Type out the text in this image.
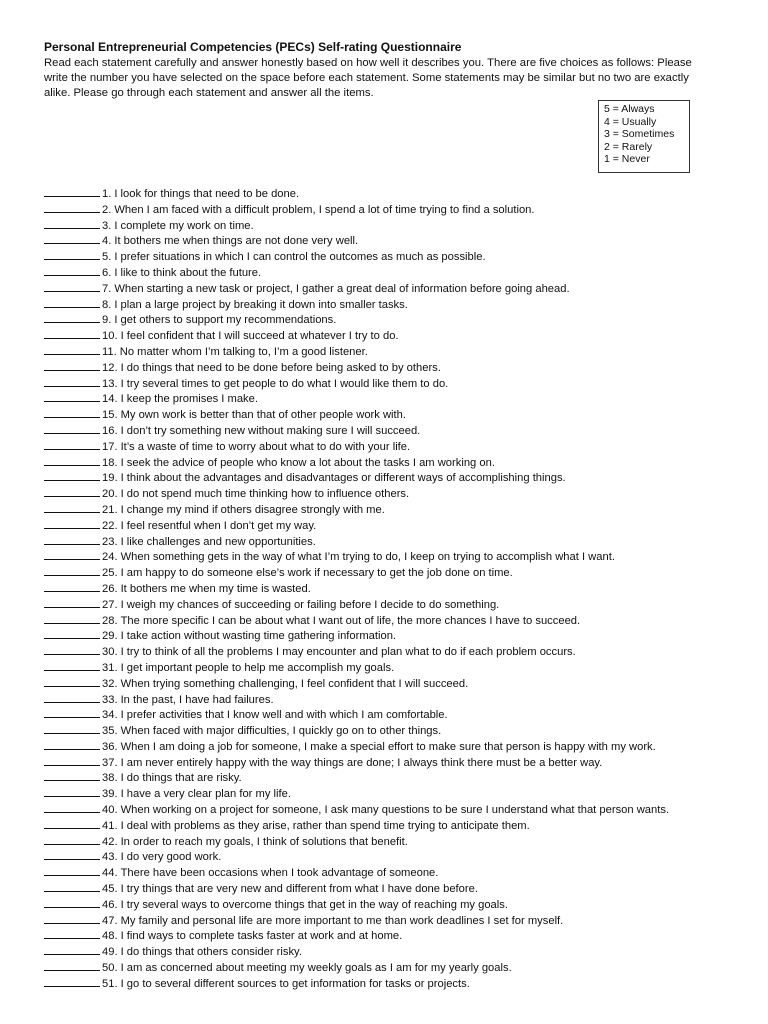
Personal Entrepreneurial Competencies (PECs) Self-rating Questionnaire

Read each statement carefully and answer honestly based on how well it describes you. There are five choices as follows: Please write the number you have selected on the space before each statement. Some statements may be similar but no two are exactly alike. Please go through each statement and answer all the items.

5 = Always
4 = Usually
3 = Sometimes
2 = Rarely
1 = Never
1. I look for things that need to be done.
2. When I am faced with a difficult problem, I spend a lot of time trying to find a solution.
3. I complete my work on time.
4. It bothers me when things are not done very well.
5. I prefer situations in which I can control the outcomes as much as possible.
6. I like to think about the future.
7. When starting a new task or project, I gather a great deal of information before going ahead.
8. I plan a large project by breaking it down into smaller tasks.
9. I get others to support my recommendations.
10. I feel confident that I will succeed at whatever I try to do.
11. No matter whom I’m talking to, I’m a good listener.
12. I do things that need to be done before being asked to by others.
13. I try several times to get people to do what I would like them to do.
14. I keep the promises I make.
15. My own work is better than that of other people work with.
16. I don’t try something new without making sure I will succeed.
17. It’s a waste of time to worry about what to do with your life.
18. I seek the advice of people who know a lot about the tasks I am working on.
19. I think about the advantages and disadvantages or different ways of accomplishing things.
20. I do not spend much time thinking how to influence others.
21. I change my mind if others disagree strongly with me.
22. I feel resentful when I don’t get my way.
23. I like challenges and new opportunities.
24. When something gets in the way of what I’m trying to do, I keep on trying to accomplish what I want.
25. I am happy to do someone else’s work if necessary to get the job done on time.
26. It bothers me when my time is wasted.
27. I weigh my chances of succeeding or failing before I decide to do something.
28. The more specific I can be about what I want out of life, the more chances I have to succeed.
29. I take action without wasting time gathering information.
30. I try to think of all the problems I may encounter and plan what to do if each problem occurs.
31. I get important people to help me accomplish my goals.
32. When trying something challenging, I feel confident that I will succeed.
33. In the past, I have had failures.
34. I prefer activities that I know well and with which I am comfortable.
35. When faced with major difficulties, I quickly go on to other things.
36. When I am doing a job for someone, I make a special effort to make sure that person is happy with my work.
37. I am never entirely happy with the way things are done; I always think there must be a better way.
38. I do things that are risky.
39. I have a very clear plan for my life.
40. When working on a project for someone, I ask many questions to be sure I understand what that person wants.
41. I deal with problems as they arise, rather than spend time trying to anticipate them.
42. In order to reach my goals, I think of solutions that benefit.
43. I do very good work.
44. There have been occasions when I took advantage of someone.
45. I try things that are very new and different from what I have done before.
46. I try several ways to overcome things that get in the way of reaching my goals.
47. My family and personal life are more important to me than work deadlines I set for myself.
48. I find ways to complete tasks faster at work and at home.
49. I do things that others consider risky.
50. I am as concerned about meeting my weekly goals as I am for my yearly goals.
51. I go to several different sources to get information for tasks or projects.
